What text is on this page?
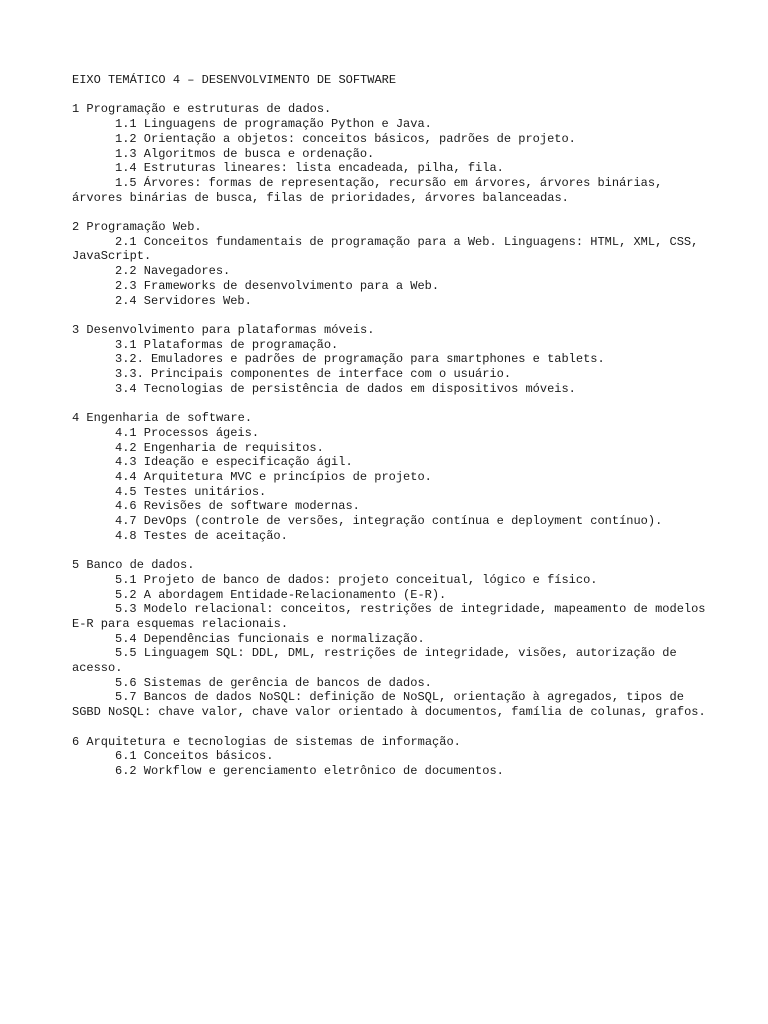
EIXO TEMÁTICO 4 – DESENVOLVIMENTO DE SOFTWARE

1 Programação e estruturas de dados.

1.1 Linguagens de programação Python e Java.

1.2 Orientação a objetos: conceitos básicos, padrões de projeto.

1.3 Algoritmos de busca e ordenação.

1.4 Estruturas lineares: lista encadeada, pilha, fila.

1.5 Árvores: formas de representação, recursão em árvores, árvores binárias, árvores binárias de busca, filas de prioridades, árvores balanceadas.

2 Programação Web.

2.1 Conceitos fundamentais de programação para a Web. Linguagens: HTML, XML, CSS, JavaScript.

2.2 Navegadores.

2.3 Frameworks de desenvolvimento para a Web.

2.4 Servidores Web.

3 Desenvolvimento para plataformas móveis.

3.1 Plataformas de programação.

3.2. Emuladores e padrões de programação para smartphones e tablets.

3.3. Principais componentes de interface com o usuário.

3.4 Tecnologias de persistência de dados em dispositivos móveis.

4 Engenharia de software.

4.1 Processos ágeis.

4.2 Engenharia de requisitos.

4.3 Ideação e especificação ágil.

4.4 Arquitetura MVC e princípios de projeto.

4.5 Testes unitários.

4.6 Revisões de software modernas.

4.7 DevOps (controle de versões, integração contínua e deployment contínuo).

4.8 Testes de aceitação.

5 Banco de dados.

5.1 Projeto de banco de dados: projeto conceitual, lógico e físico.

5.2 A abordagem Entidade-Relacionamento (E-R).

5.3 Modelo relacional: conceitos, restrições de integridade, mapeamento de modelos E-R para esquemas relacionais.

5.4 Dependências funcionais e normalização.

5.5 Linguagem SQL: DDL, DML, restrições de integridade, visões, autorização de acesso.

5.6 Sistemas de gerência de bancos de dados.

5.7 Bancos de dados NoSQL: definição de NoSQL, orientação à agregados, tipos de SGBD NoSQL: chave valor, chave valor orientado à documentos, família de colunas, grafos.

6 Arquitetura e tecnologias de sistemas de informação.

6.1 Conceitos básicos.

6.2 Workflow e gerenciamento eletrônico de documentos.
